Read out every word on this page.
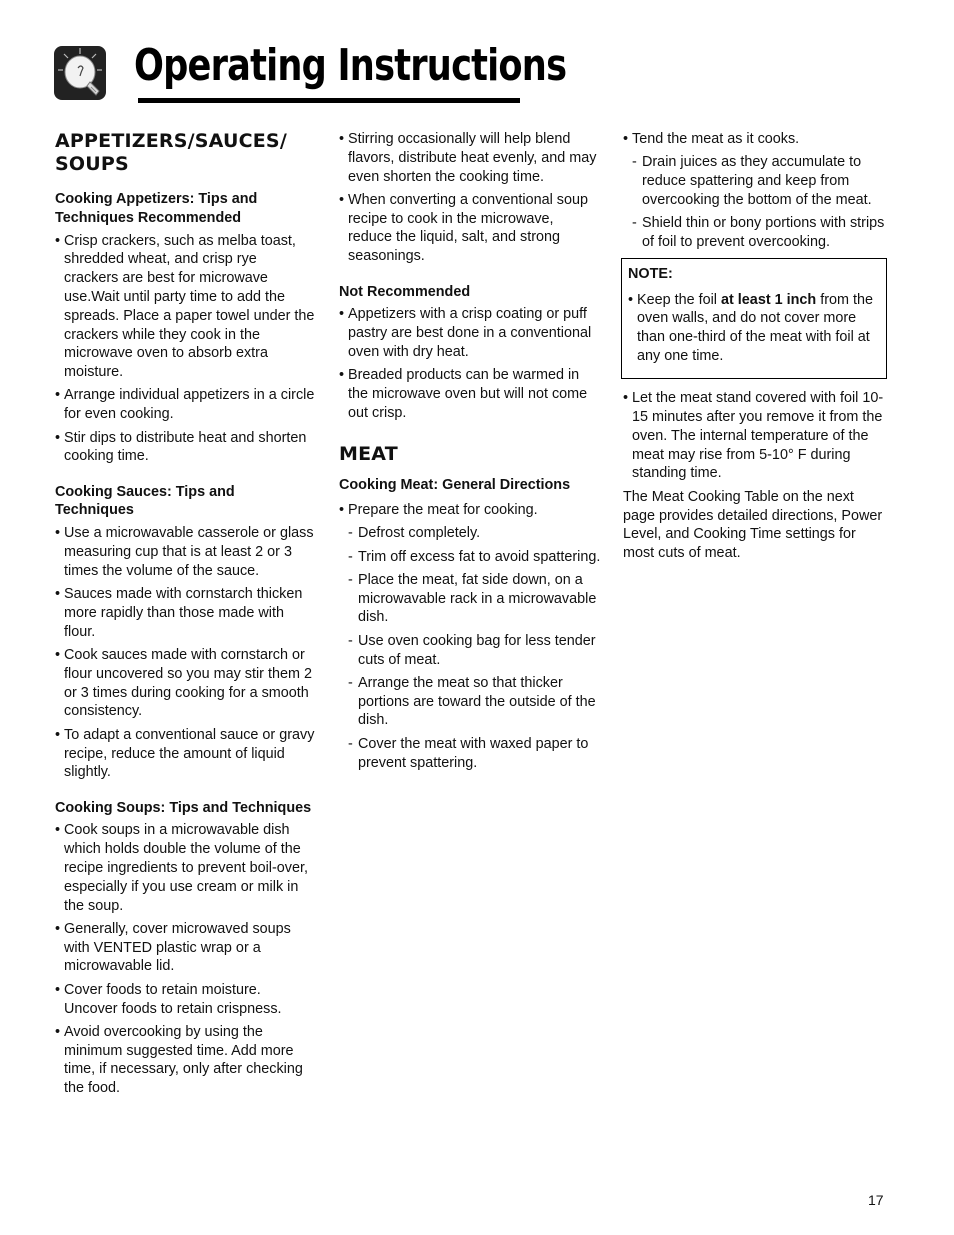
Operating Instructions
APPETIZERS/SAUCES/ SOUPS
Cooking Appetizers: Tips and Techniques Recommended
• Crisp crackers, such as melba toast, shredded wheat, and crisp rye crackers are best for microwave use.Wait until party time to add the spreads. Place a paper towel under the crackers while they cook in the microwave oven to absorb extra moisture.
• Arrange individual appetizers in a circle for even cooking.
• Stir dips to distribute heat and shorten cooking time.
Cooking Sauces: Tips and Techniques
• Use a microwavable casserole or glass measuring cup that is at least 2 or 3 times the volume of the sauce.
• Sauces made with cornstarch thicken more rapidly than those made with flour.
• Cook sauces made with cornstarch or flour uncovered so you may stir them 2 or 3 times during cooking for a smooth consistency.
• To adapt a conventional sauce or gravy recipe, reduce the amount of liquid slightly.
Cooking Soups: Tips and Techniques
• Cook soups in a microwavable dish which holds double the volume of the recipe ingredients to prevent boil-over, especially if you use cream or milk in the soup.
• Generally, cover microwaved soups with VENTED plastic wrap or a microwavable lid.
• Cover foods to retain moisture. Uncover foods to retain crispness.
• Avoid overcooking by using the minimum suggested time. Add more time, if necessary, only after checking the food.
• Stirring occasionally will help blend flavors, distribute heat evenly, and may even shorten the cooking time.
• When converting a conventional soup recipe to cook in the microwave, reduce the liquid, salt, and strong seasonings.
Not Recommended
• Appetizers with a crisp coating or puff pastry are best done in a conventional oven with dry heat.
• Breaded products can be warmed in the microwave oven but will not come out crisp.
MEAT
Cooking Meat: General Directions
• Prepare the meat for cooking.
- Defrost completely.
- Trim off excess fat to avoid spattering.
- Place the meat, fat side down, on a microwavable rack in a microwavable dish.
- Use oven cooking bag for less tender cuts of meat.
- Arrange the meat so that thicker portions are toward the outside of the dish.
- Cover the meat with waxed paper to prevent spattering.
• Tend the meat as it cooks.
- Drain juices as they accumulate to reduce spattering and keep from overcooking the bottom of the meat.
- Shield thin or bony portions with strips of foil to prevent overcooking.
NOTE:
• Keep the foil at least 1 inch from the oven walls, and do not cover more than one-third of the meat with foil at any one time.
• Let the meat stand covered with foil 10-15 minutes after you remove it from the oven. The internal temperature of the meat may rise from 5-10° F during standing time.

The Meat Cooking Table on the next page provides detailed directions, Power Level, and Cooking Time settings for most cuts of meat.

17
